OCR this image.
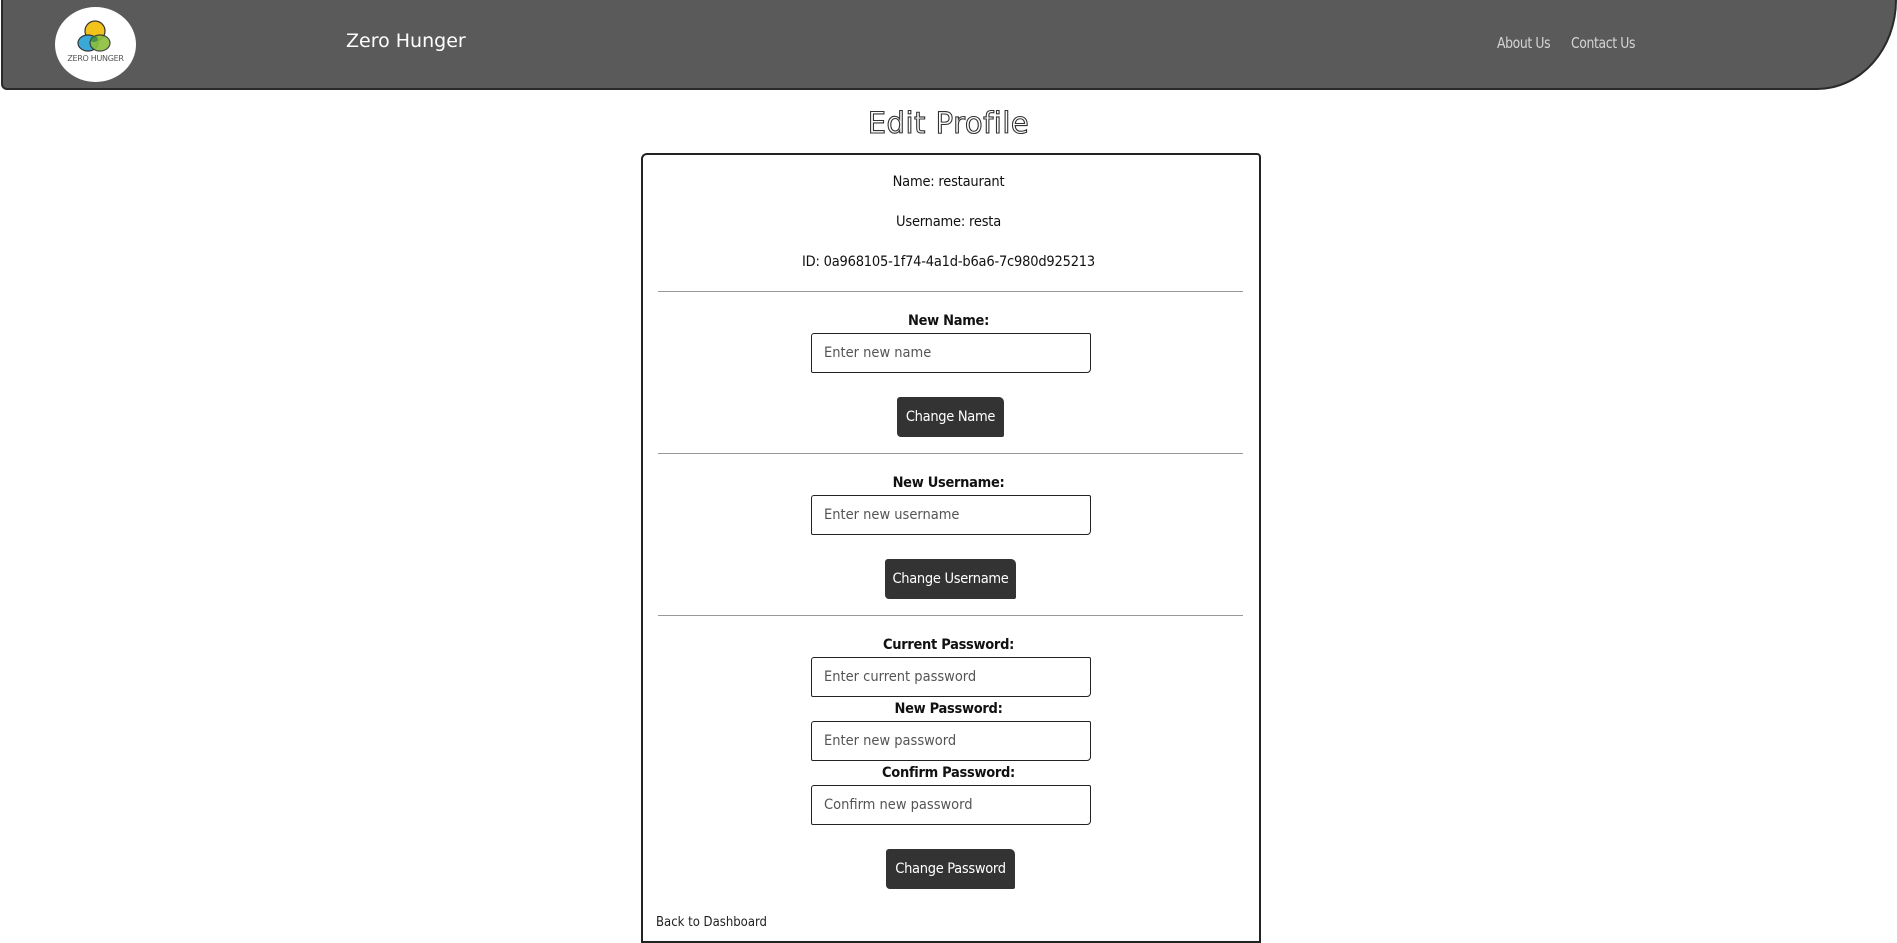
ZERO HUNGER
Zero Hunger	About Us Contact Us
Edit Profile
Name: restaurant
Username: resta
ID: 0a968105-1f74-4a1d-b6a6-7c980d925213
New Name:
Enter new name
Change Name
New Username:
Enter new username
Change Username
Current Password:
New Password:
Confirm Password:
Change Password
Back to Dashboard
